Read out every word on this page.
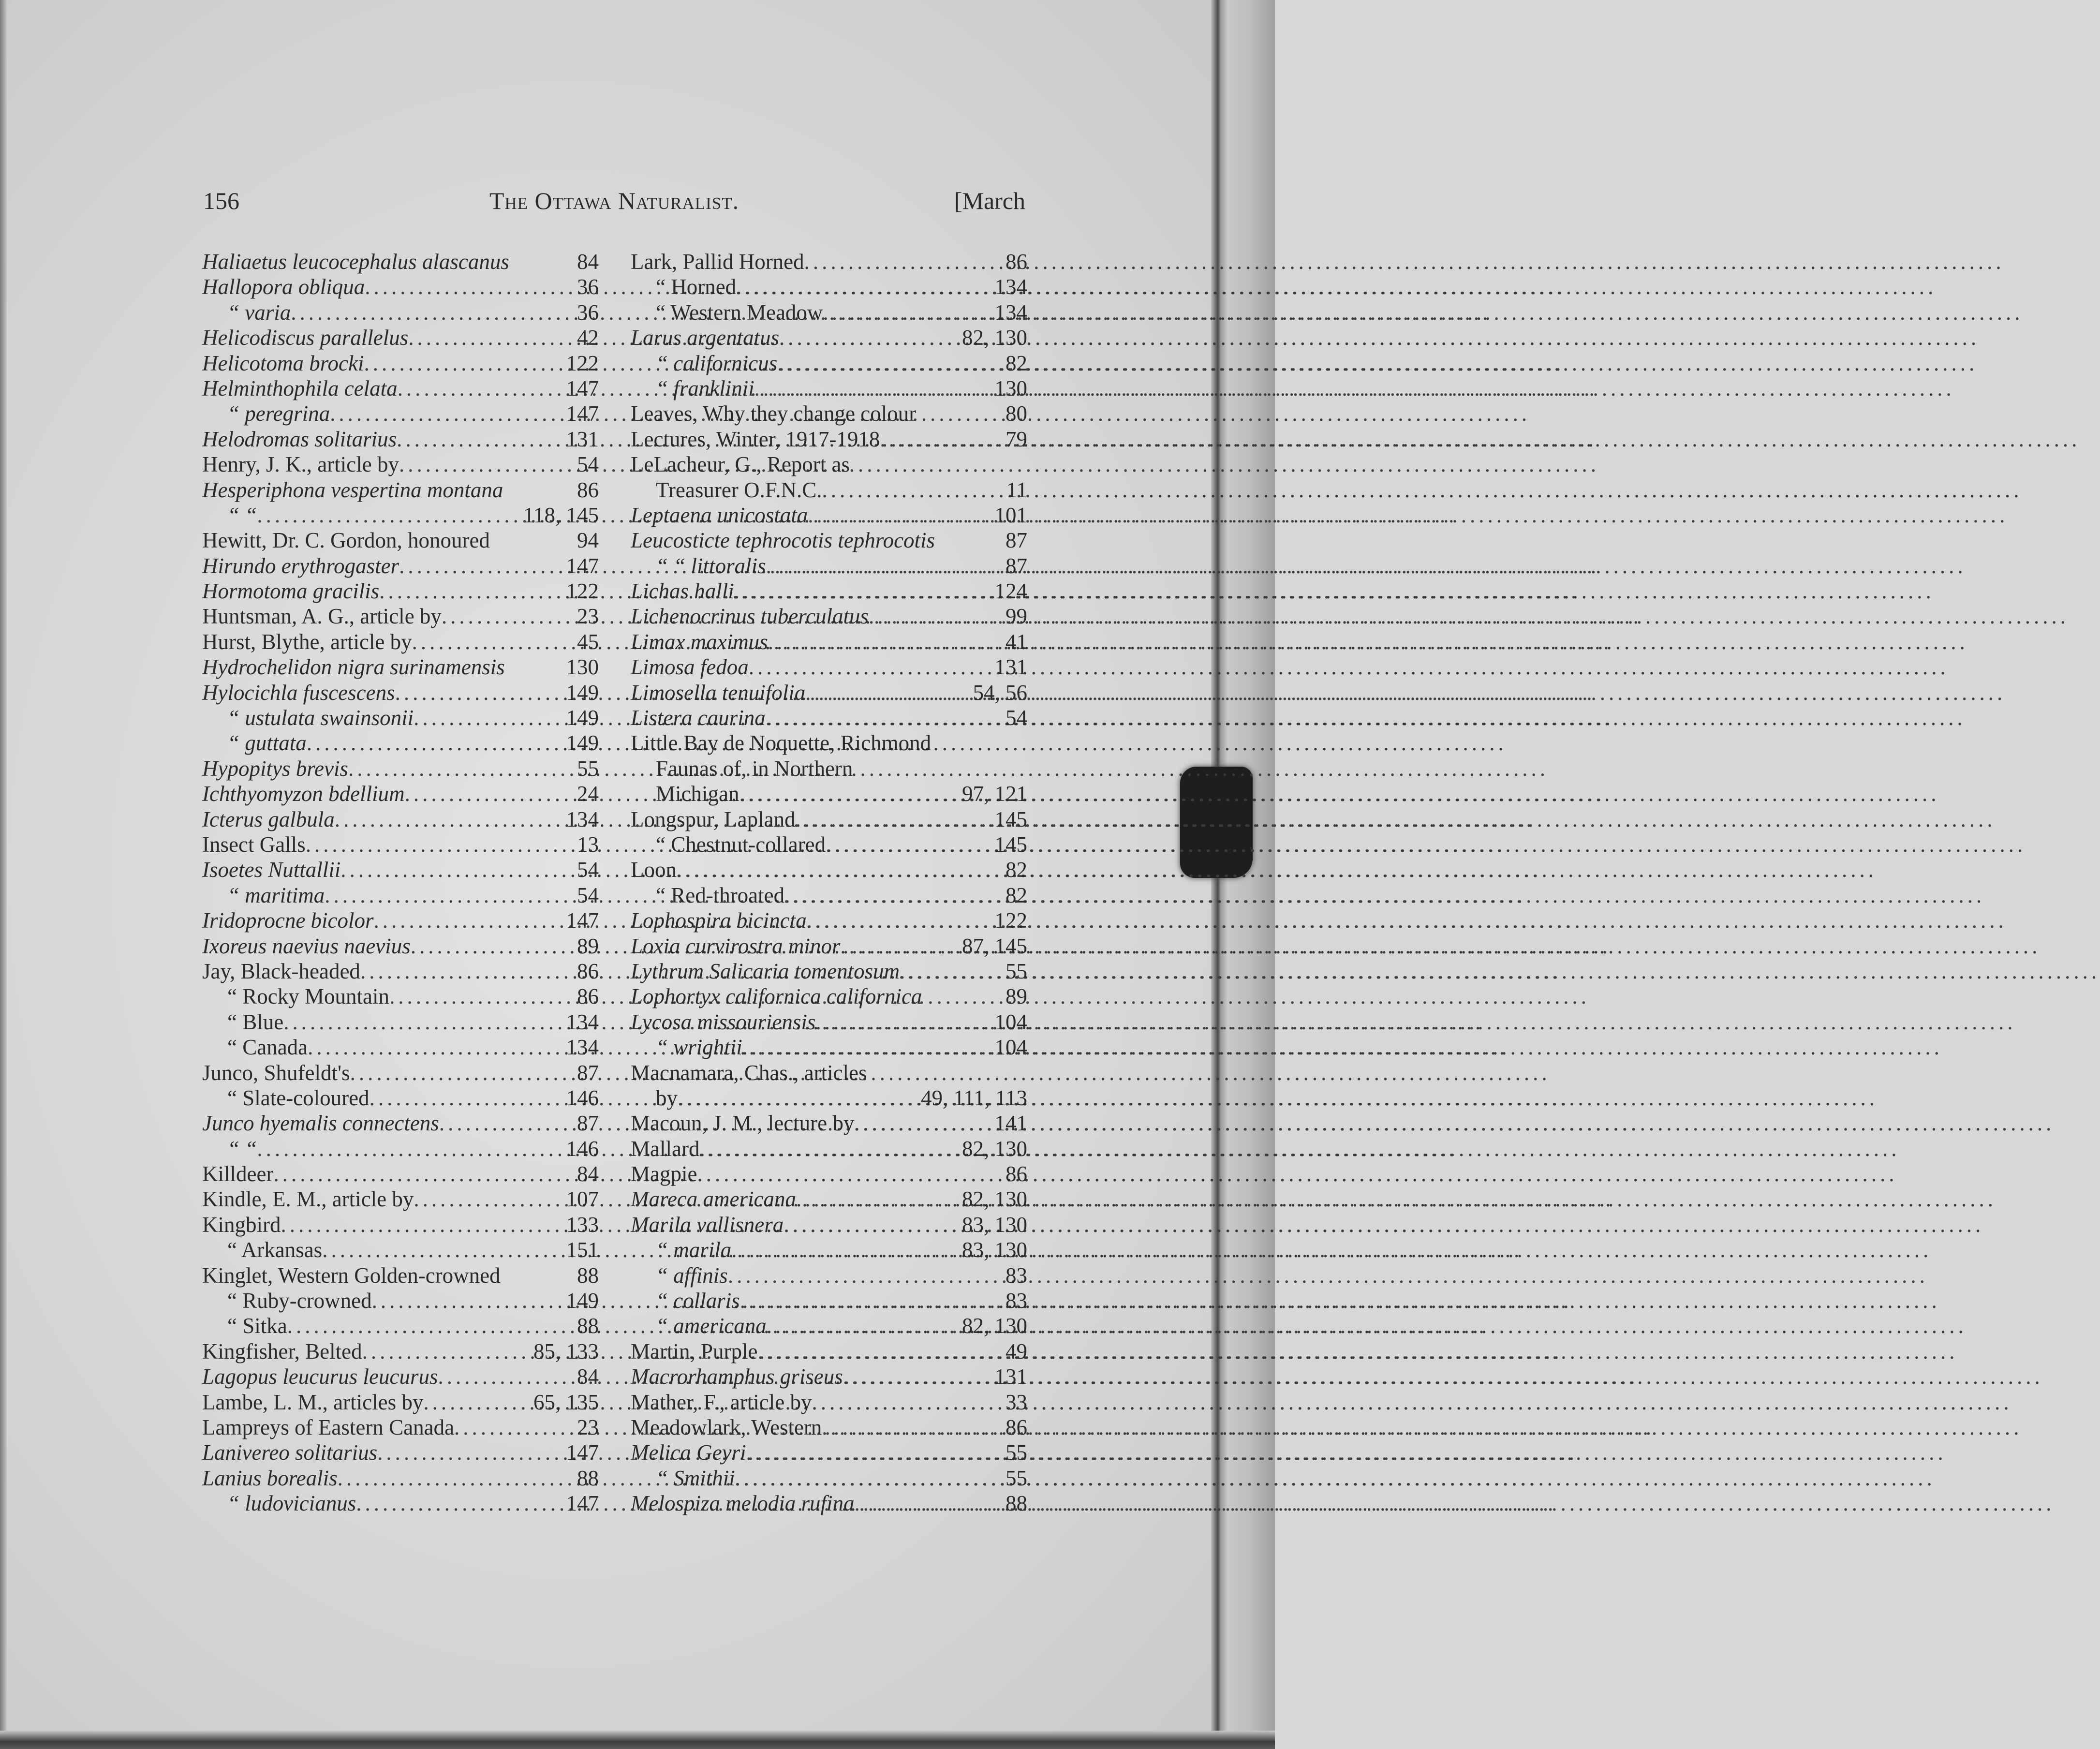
156	The Ottawa Naturalist.	[March
Haliaetus leucocephalus alascanus	84
Hallopora obliqua .....	36
“ varia .....	36
Helicodiscus parallelus .....	42
Helicotoma brocki .....	122
Helminthophila celata .....	147
“ peregrina .....	147
Helodromas solitarius .....	131
Henry, J. K., article by .....	54
Hesperiphona vespertina montana	86
“ “ .....	118, 145
Hewitt, Dr. C. Gordon, honoured	94
Hirundo erythrogaster .....	147
Hormotoma gracilis .....	122
Huntsman, A. G., article by .....	23
Hurst, Blythe, article by .....	45
Hydrochelidon nigra surinamensis	130
Hylocichla fuscescens .....	149
“ ustulata swainsonii .....	149
“ guttata .....	149
Hypopitys brevis .....	55
Ichthyomyzon bdellium .....	24
Icterus galbula .....	134
Insect Galls .....	13
Isoetes Nuttallii .....	54
“ maritima .....	54
Iridoprocne bicolor .....	147
Ixoreus naevius naevius .....	89
Jay, Black-headed .....	86
“ Rocky Mountain .....	86
“ Blue .....	134
“ Canada .....	134
Junco, Shufeldt's .....	87
“ Slate-coloured .....	146
Junco hyemalis connectens .....	87
“ “ .....	146
Killdeer .....	84
Kindle, E. M., article by .....	107
Kingbird .....	133
“ Arkansas .....	151
Kinglet, Western Golden-crowned	88
“ Ruby-crowned .....	149
“ Sitka .....	88
Kingfisher, Belted .....	85, 133
Lagopus leucurus leucurus .....	84
Lambe, L. M., articles by .....	65, 135
Lampreys of Eastern Canada .....	23
Lanivereo solitarius .....	147
Lanius borealis .....	88
“ ludovicianus .....	147
Lark, Pallid Horned .....	86
“ Horned .....	134
“ Western Meadow .....	134
Larus argentatus .....	82, 130
“ californicus .....	82
“ franklinii .....	130
Leaves, Why they change colour	80
Lectures, Winter, 1917-1918 .....	79
LeLacheur, G., Report as
Treasurer O.F.N.C. .....	11
Leptaena unicostata .....	101
Leucosticte tephrocotis tephrocotis	87
“ “ littoralis .....	87
Lichas halli .....	124
Lichenocrinus tuberculatus .....	99
Limax maximus .....	41
Limosa fedoa .....	131
Limosella tenuifolia .....	54, 56
Listera caurina .....	54
Little Bay de Noquette, Richmond
Faunas of, in Northern
Michigan .....	97, 121
Longspur, Lapland .....	145
“ Chestnut-collared .....	145
Loon .....	82
“ Red-throated .....	82
Lophospira bicincta .....	122
Loxia curvirostra minor .....	87, 145
Lythrum Salicaria tomentosum .....	55
Lophortyx californica californica	89
Lycosa missouriensis .....	104
“ wrightii .....	104
Macnamara, Chas., articles
by .....	49, 111, 113
Macoun, J. M., lecture by .....	141
Mallard .....	82, 130
Magpie .....	86
Mareca americana .....	82, 130
Marila vallisnera .....	83, 130
“ marila .....	83, 130
“ affinis .....	83
“ collaris .....	83
“ americana .....	82, 130
Martin, Purple .....	49
Macrorhamphus griseus .....	131
Mather, F., article by .....	33
Meadowlark, Western .....	86
Melica Geyri .....	55
“ Smithii .....	55
Melospiza melodia rufina .....	88
